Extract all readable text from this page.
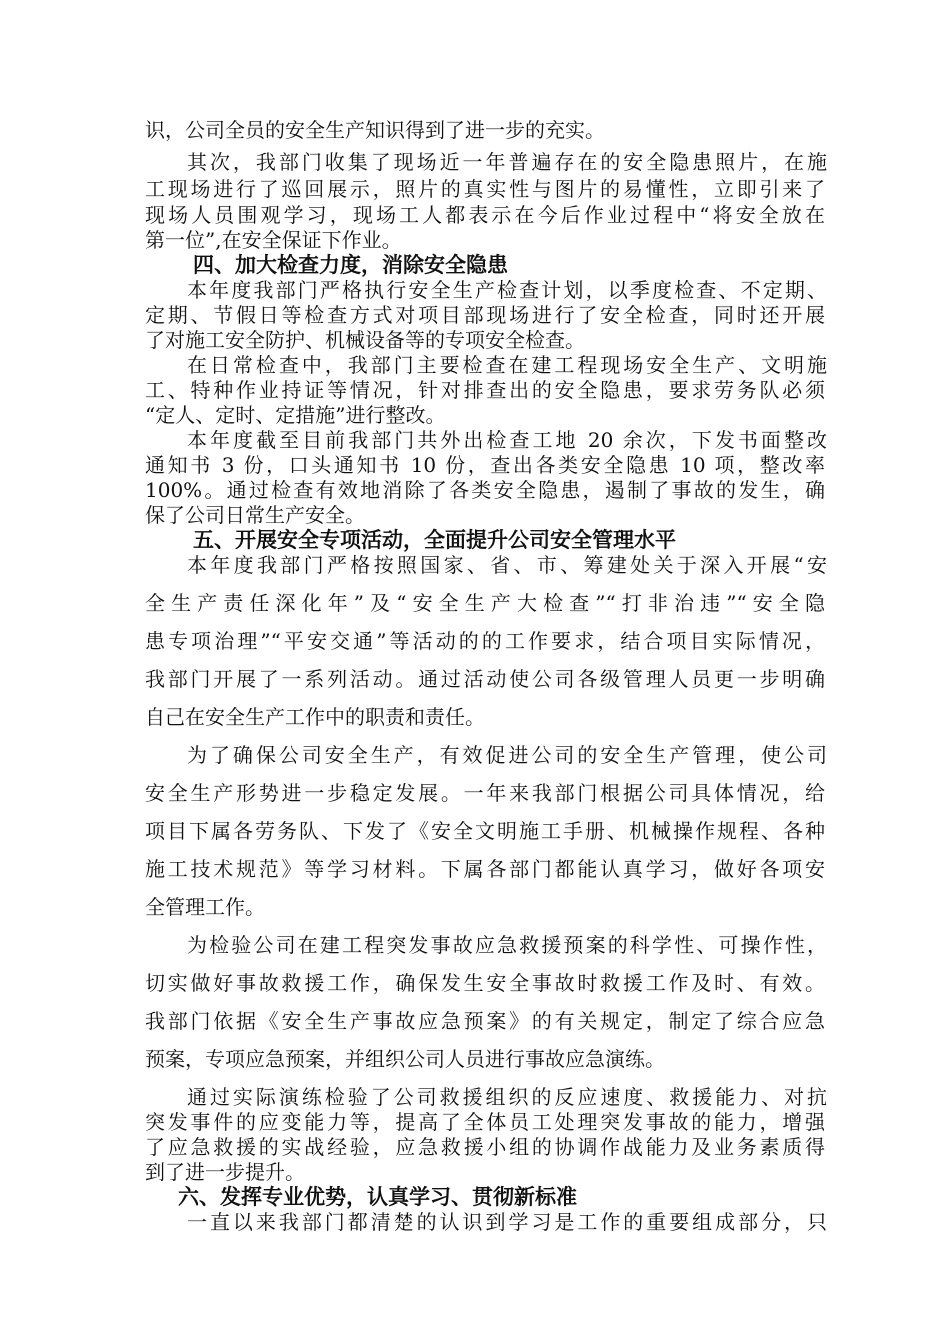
识，公司全员的安全生产知识得到了进一步的充实。
其次，我部门收集了现场近一年普遍存在的安全隐患照片，在施
工现场进行了巡回展示，照片的真实性与图片的易懂性，立即引来了
现场人员围观学习，现场工人都表示在今后作业过程中“将安全放在
第一位”,在安全保证下作业。
四、加大检查力度，消除安全隐患
本年度我部门严格执行安全生产检查计划，以季度检查、不定期、
定期、节假日等检查方式对项目部现场进行了安全检查，同时还开展
了对施工安全防护、机械设备等的专项安全检查。
在日常检查中，我部门主要检查在建工程现场安全生产、文明施
工、特种作业持证等情况，针对排查出的安全隐患，要求劳务队必须
“定人、定时、定措施”进行整改。
本年度截至目前我部门共外出检查工地 20 余次，下发书面整改
通知书 3 份，口头通知书 10 份，查出各类安全隐患 10 项，整改率
100%。通过检查有效地消除了各类安全隐患，遏制了事故的发生，确
保了公司日常生产安全。
五、开展安全专项活动，全面提升公司安全管理水平
本年度我部门严格按照国家、省、市、筹建处关于深入开展“安
全生产责任深化年”及“安全生产大检查”“打非治违”“安全隐
患专项治理”“平安交通”等活动的的工作要求，结合项目实际情况，
我部门开展了一系列活动。通过活动使公司各级管理人员更一步明确
自己在安全生产工作中的职责和责任。
为了确保公司安全生产，有效促进公司的安全生产管理，使公司
安全生产形势进一步稳定发展。一年来我部门根据公司具体情况，给
项目下属各劳务队、下发了《安全文明施工手册、机械操作规程、各种
施工技术规范》等学习材料。下属各部门都能认真学习，做好各项安
全管理工作。
为检验公司在建工程突发事故应急救援预案的科学性、可操作性，
切实做好事故救援工作，确保发生安全事故时救援工作及时、有效。
我部门依据《安全生产事故应急预案》的有关规定，制定了综合应急
预案，专项应急预案，并组织公司人员进行事故应急演练。
通过实际演练检验了公司救援组织的反应速度、救援能力、对抗
突发事件的应变能力等，提高了全体员工处理突发事故的能力，增强
了应急救援的实战经验，应急救援小组的协调作战能力及业务素质得
到了进一步提升。
六、发挥专业优势，认真学习、贯彻新标准
一直以来我部门都清楚的认识到学习是工作的重要组成部分，只
